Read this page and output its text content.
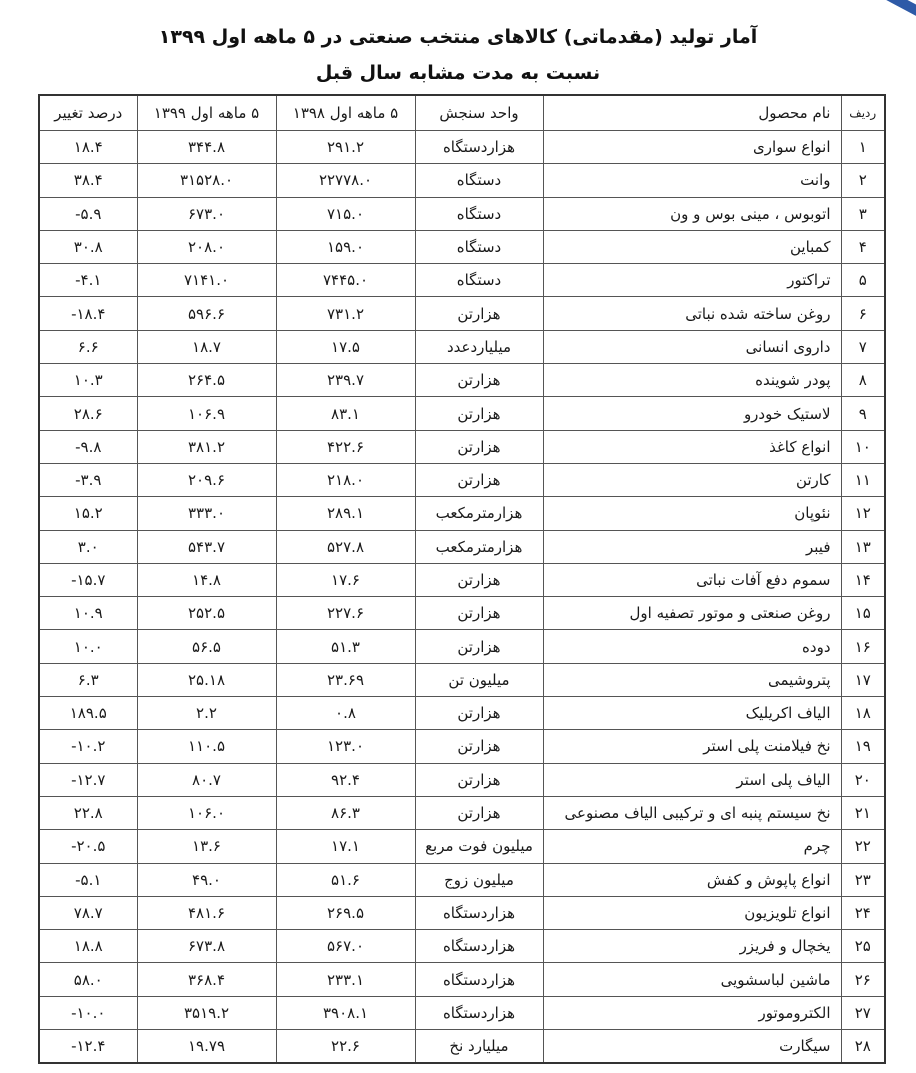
آمار تولید (مقدماتی) کالاهای منتخب صنعتی در ۵ ماهه اول ۱۳۹۹
نسبت به مدت مشابه سال قبل
ردیف	نام محصول	واحد سنجش	۵ ماهه اول ۱۳۹۸	۵ ماهه اول ۱۳۹۹	درصد تغییر
۱	انواع سواری	هزاردستگاه	۲۹۱.۲	۳۴۴.۸	۱۸.۴
۲	وانت	دستگاه	۲۲۷۷۸.۰	۳۱۵۲۸.۰	۳۸.۴
۳	اتوبوس ، مینی بوس و ون	دستگاه	۷۱۵.۰	۶۷۳.۰	-۵.۹
۴	کمباین	دستگاه	۱۵۹.۰	۲۰۸.۰	۳۰.۸
۵	تراکتور	دستگاه	۷۴۴۵.۰	۷۱۴۱.۰	-۴.۱
۶	روغن ساخته شده نباتی	هزارتن	۷۳۱.۲	۵۹۶.۶	-۱۸.۴
۷	داروی انسانی	میلیاردعدد	۱۷.۵	۱۸.۷	۶.۶
۸	پودر شوینده	هزارتن	۲۳۹.۷	۲۶۴.۵	۱۰.۳
۹	لاستیک خودرو	هزارتن	۸۳.۱	۱۰۶.۹	۲۸.۶
۱۰	انواع کاغذ	هزارتن	۴۲۲.۶	۳۸۱.۲	-۹.۸
۱۱	کارتن	هزارتن	۲۱۸.۰	۲۰۹.۶	-۳.۹
۱۲	نئوپان	هزارمترمکعب	۲۸۹.۱	۳۳۳.۰	۱۵.۲
۱۳	فیبر	هزارمترمکعب	۵۲۷.۸	۵۴۳.۷	۳.۰
۱۴	سموم دفع آفات نباتی	هزارتن	۱۷.۶	۱۴.۸	-۱۵.۷
۱۵	روغن صنعتی و موتور تصفیه اول	هزارتن	۲۲۷.۶	۲۵۲.۵	۱۰.۹
۱۶	دوده	هزارتن	۵۱.۳	۵۶.۵	۱۰.۰
۱۷	پتروشیمی	میلیون تن	۲۳.۶۹	۲۵.۱۸	۶.۳
۱۸	الیاف اکریلیک	هزارتن	۰.۸	۲.۲	۱۸۹.۵
۱۹	نخ فیلامنت پلی استر	هزارتن	۱۲۳.۰	۱۱۰.۵	-۱۰.۲
۲۰	الیاف پلی استر	هزارتن	۹۲.۴	۸۰.۷	-۱۲.۷
۲۱	نخ سیستم پنبه ای و ترکیبی الیاف مصنوعی	هزارتن	۸۶.۳	۱۰۶.۰	۲۲.۸
۲۲	چرم	میلیون فوت مربع	۱۷.۱	۱۳.۶	-۲۰.۵
۲۳	انواع پاپوش و کفش	میلیون زوج	۵۱.۶	۴۹.۰	-۵.۱
۲۴	انواع تلویزیون	هزاردستگاه	۲۶۹.۵	۴۸۱.۶	۷۸.۷
۲۵	یخچال و فریزر	هزاردستگاه	۵۶۷.۰	۶۷۳.۸	۱۸.۸
۲۶	ماشین لباسشویی	هزاردستگاه	۲۳۳.۱	۳۶۸.۴	۵۸.۰
۲۷	الکتروموتور	هزاردستگاه	۳۹۰۸.۱	۳۵۱۹.۲	-۱۰.۰
۲۸	سیگارت	میلیارد نخ	۲۲.۶	۱۹.۷۹	-۱۲.۴
